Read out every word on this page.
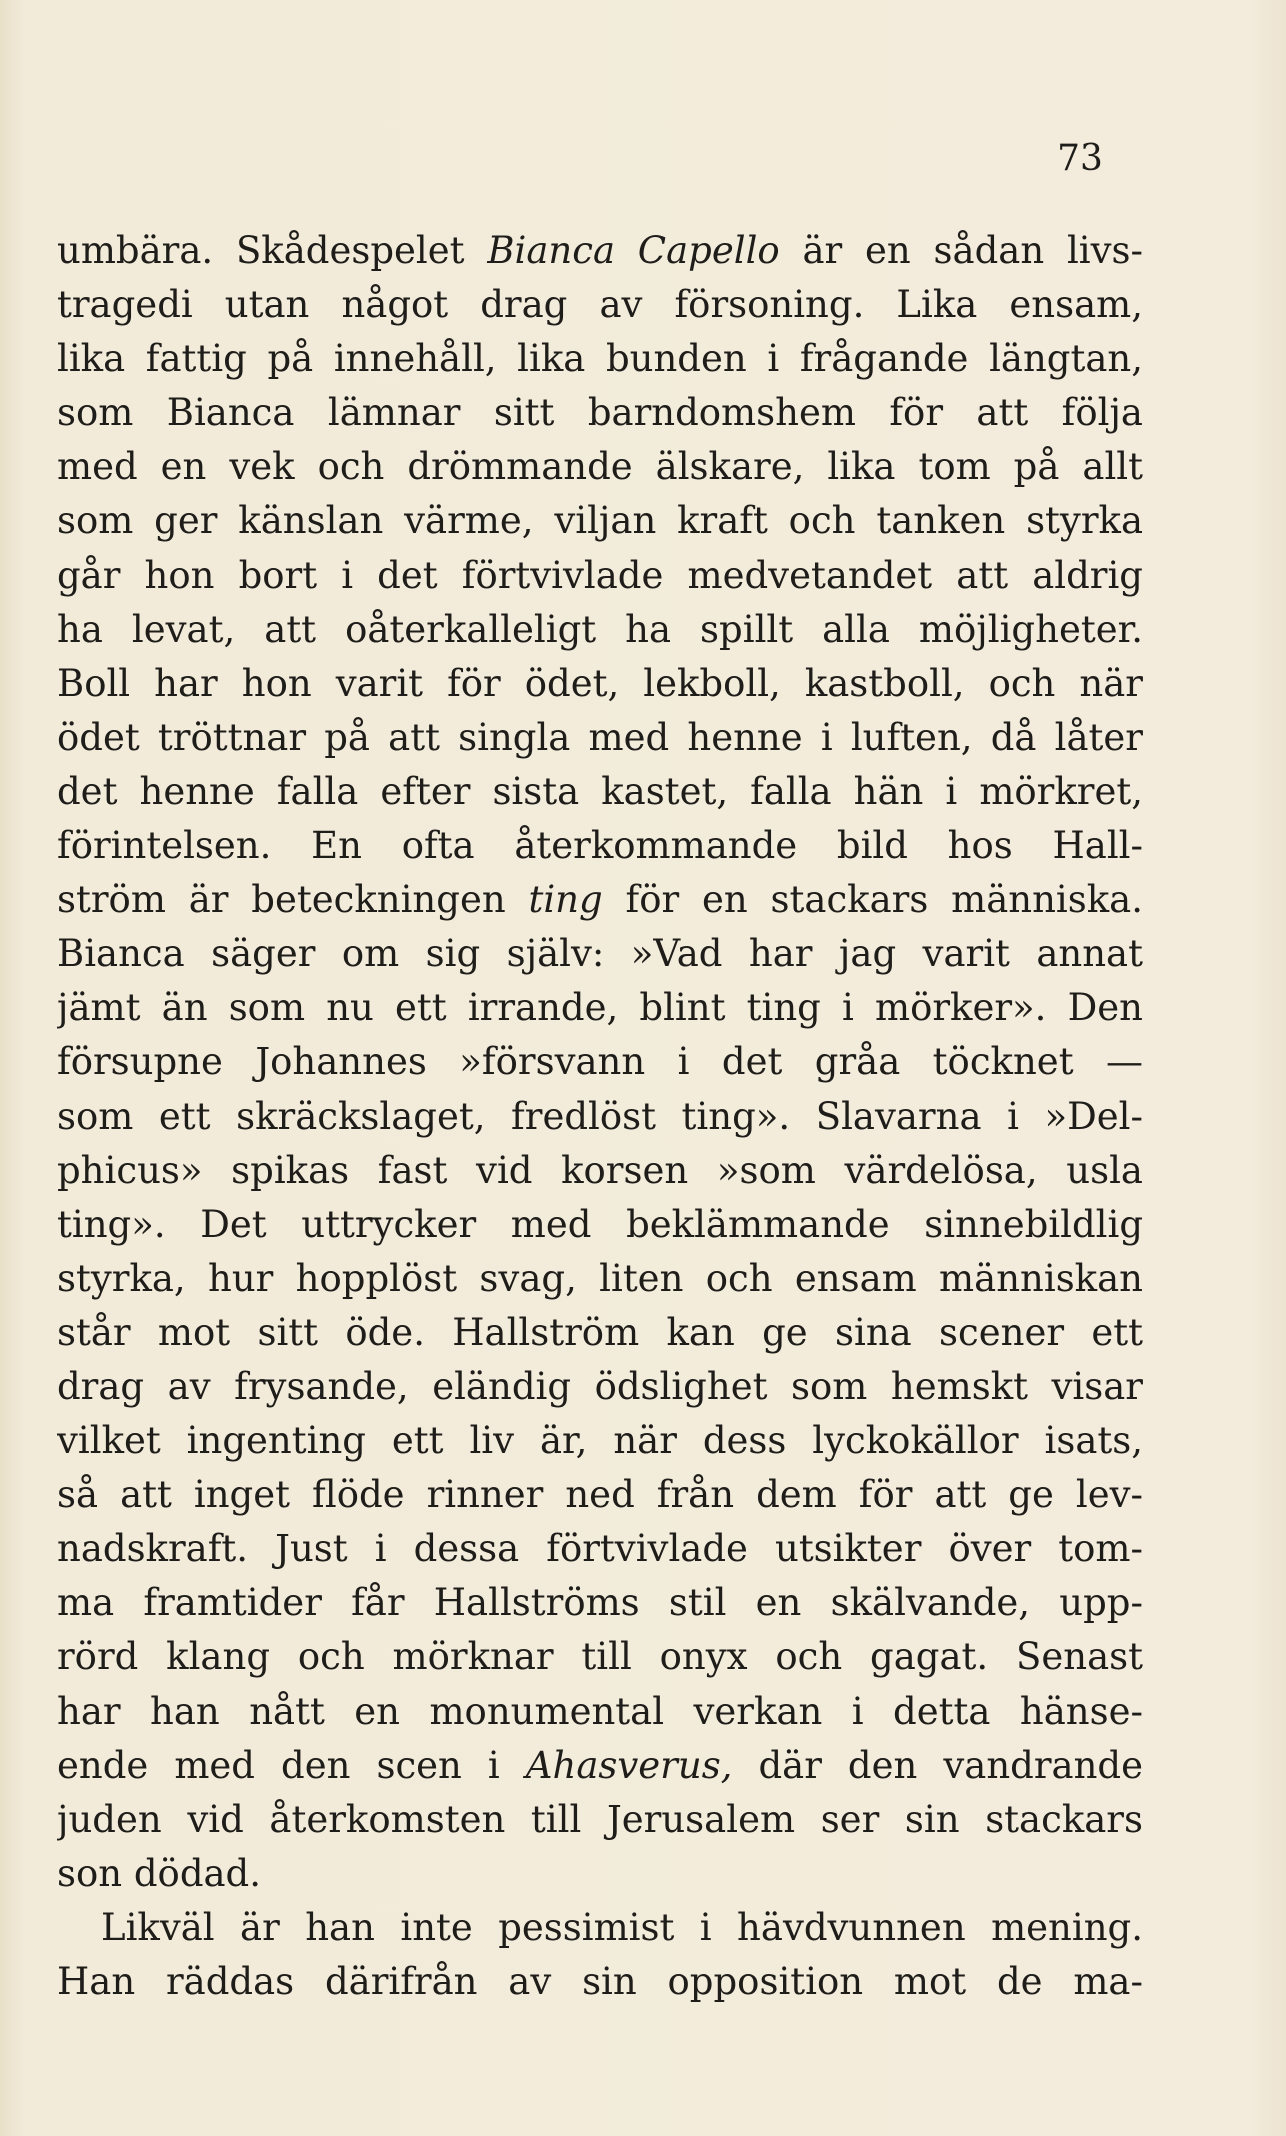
73
umbära. Skådespelet Bianca Capello är en sådan livs-
tragedi utan något drag av försoning. Lika ensam,
lika fattig på innehåll, lika bunden i frågande längtan,
som Bianca lämnar sitt barndomshem för att följa
med en vek och drömmande älskare, lika tom på allt
som ger känslan värme, viljan kraft och tanken styrka
går hon bort i det förtvivlade medvetandet att aldrig
ha levat, att oåterkalleligt ha spillt alla möjligheter.
Boll har hon varit för ödet, lekboll, kastboll, och när
ödet tröttnar på att singla med henne i luften, då låter
det henne falla efter sista kastet, falla hän i mörkret,
förintelsen. En ofta återkommande bild hos Hall-
ström är beteckningen ting för en stackars människa.
Bianca säger om sig själv: »Vad har jag varit annat
jämt än som nu ett irrande, blint ting i mörker». Den
försupne Johannes »försvann i det gråa töcknet —
som ett skräckslaget, fredlöst ting». Slavarna i »Del-
phicus» spikas fast vid korsen »som värdelösa, usla
ting». Det uttrycker med beklämmande sinnebildlig
styrka, hur hopplöst svag, liten och ensam människan
står mot sitt öde. Hallström kan ge sina scener ett
drag av frysande, eländig ödslighet som hemskt visar
vilket ingenting ett liv är, när dess lyckokällor isats,
så att inget flöde rinner ned från dem för att ge lev-
nadskraft. Just i dessa förtvivlade utsikter över tom-
ma framtider får Hallströms stil en skälvande, upp-
rörd klang och mörknar till onyx och gagat. Senast
har han nått en monumental verkan i detta hänse-
ende med den scen i Ahasverus, där den vandrande
juden vid återkomsten till Jerusalem ser sin stackars
son dödad.
Likväl är han inte pessimist i hävdvunnen mening.
Han räddas därifrån av sin opposition mot de ma-
